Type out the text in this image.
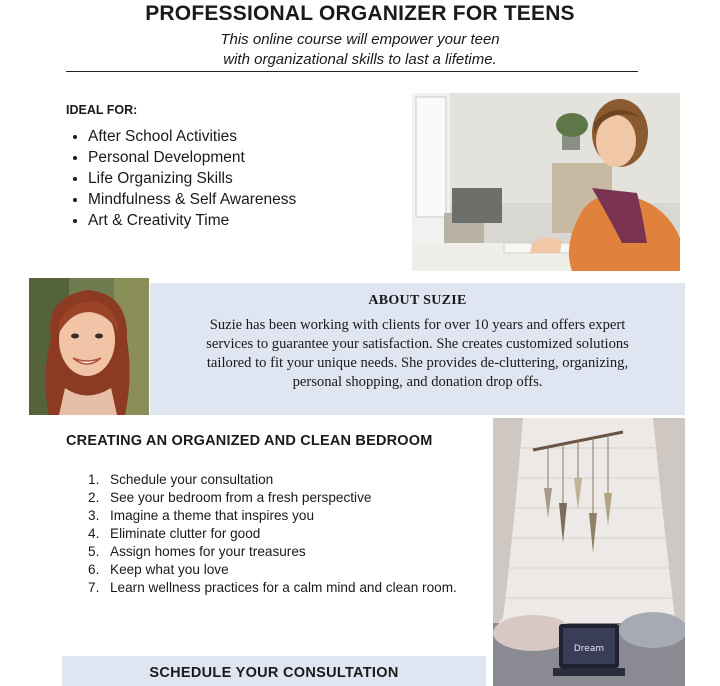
PROFESSIONAL ORGANIZER FOR TEENS
This online course will empower your teen
with organizational skills to last a lifetime.
IDEAL FOR:
• After School Activities
• Personal Development
• Life Organizing Skills
• Mindfulness & Self Awareness
• Art & Creativity Time
ABOUT SUZIE
Suzie has been working with clients for over 10 years and offers expert
services to guarantee your satisfaction. She creates customized solutions
tailored to fit your unique needs. She provides de-cluttering, organizing,
personal shopping, and donation drop offs.
CREATING AN ORGANIZED AND CLEAN BEDROOM
Schedule your consultation
See your bedroom from a fresh perspective
Imagine a theme that inspires you
Eliminate clutter for good
Assign homes for your treasures
Keep what you love
Learn wellness practices for a calm mind and clean room.
Dream
SCHEDULE YOUR CONSULTATION
